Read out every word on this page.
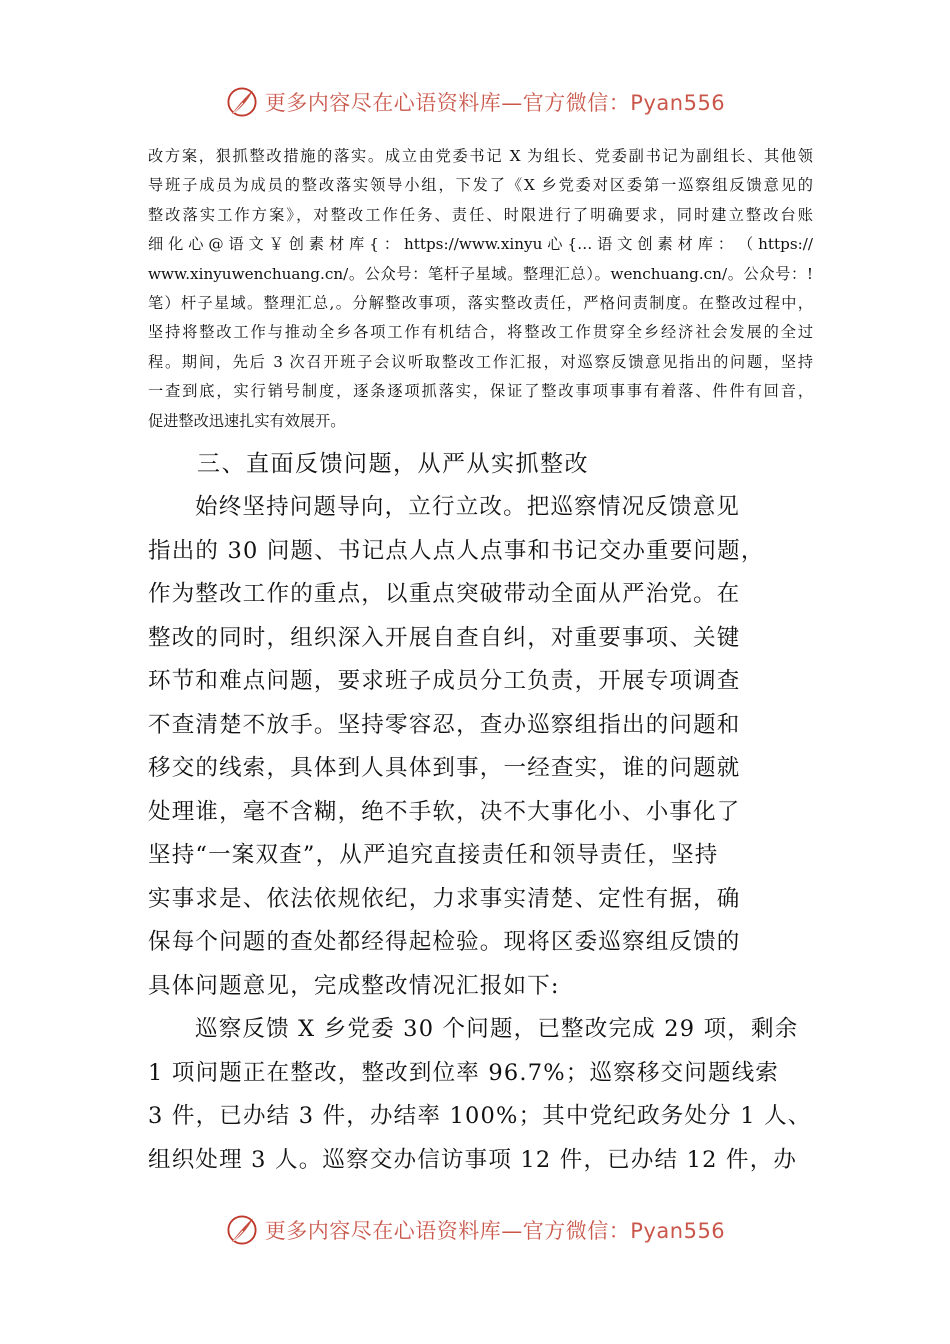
更多内容尽在心语资料库—官方微信：Pyan556
改方案，狠抓整改措施的落实。成立由党委书记 X 为组长、党委副书记为副组长、其他领
导班子成员为成员的整改落实领导小组，下发了《X 乡党委对区委第一巡察组反馈意见的
整改落实工作方案》，对整改工作任务、责任、时限进行了明确要求，同时建立整改台账
细 化 心 @ 语 文 ￥ 创 素 材 库 { ： https://www.xinyu 心 {… 语 文 创 素 材 库 ： （ https://
www.xinyuwenchuang.cn/。公众号：笔杆子星域。整理汇总）。wenchuang.cn/。公众号：!
笔）杆子星域。整理汇总,。分解整改事项，落实整改责任，严格问责制度。在整改过程中，
坚持将整改工作与推动全乡各项工作有机结合，将整改工作贯穿全乡经济社会发展的全过
程。期间，先后 3 次召开班子会议听取整改工作汇报，对巡察反馈意见指出的问题，坚持
一查到底，实行销号制度，逐条逐项抓落实，保证了整改事项事事有着落、件件有回音，
促进整改迅速扎实有效展开。
三、直面反馈问题，从严从实抓整改
始终坚持问题导向，立行立改。把巡察情况反馈意见
指出的 30 问题、书记点人点人点事和书记交办重要问题，
作为整改工作的重点，以重点突破带动全面从严治党。在
整改的同时，组织深入开展自查自纠，对重要事项、关键
环节和难点问题，要求班子成员分工负责，开展专项调查
不查清楚不放手。坚持零容忍，查办巡察组指出的问题和
移交的线索，具体到人具体到事，一经查实，谁的问题就
处理谁，毫不含糊，绝不手软，决不大事化小、小事化了
坚持“一案双查”，从严追究直接责任和领导责任，坚持
实事求是、依法依规依纪，力求事实清楚、定性有据，确
保每个问题的查处都经得起检验。现将区委巡察组反馈的
具体问题意见，完成整改情况汇报如下:
巡察反馈 X 乡党委 30 个问题，已整改完成 29 项，剩余
1 项问题正在整改，整改到位率 96.7%；巡察移交问题线索
3 件，已办结 3 件，办结率 100%；其中党纪政务处分 1 人、
组织处理 3 人。巡察交办信访事项 12 件，已办结 12 件，办
更多内容尽在心语资料库—官方微信：Pyan556
